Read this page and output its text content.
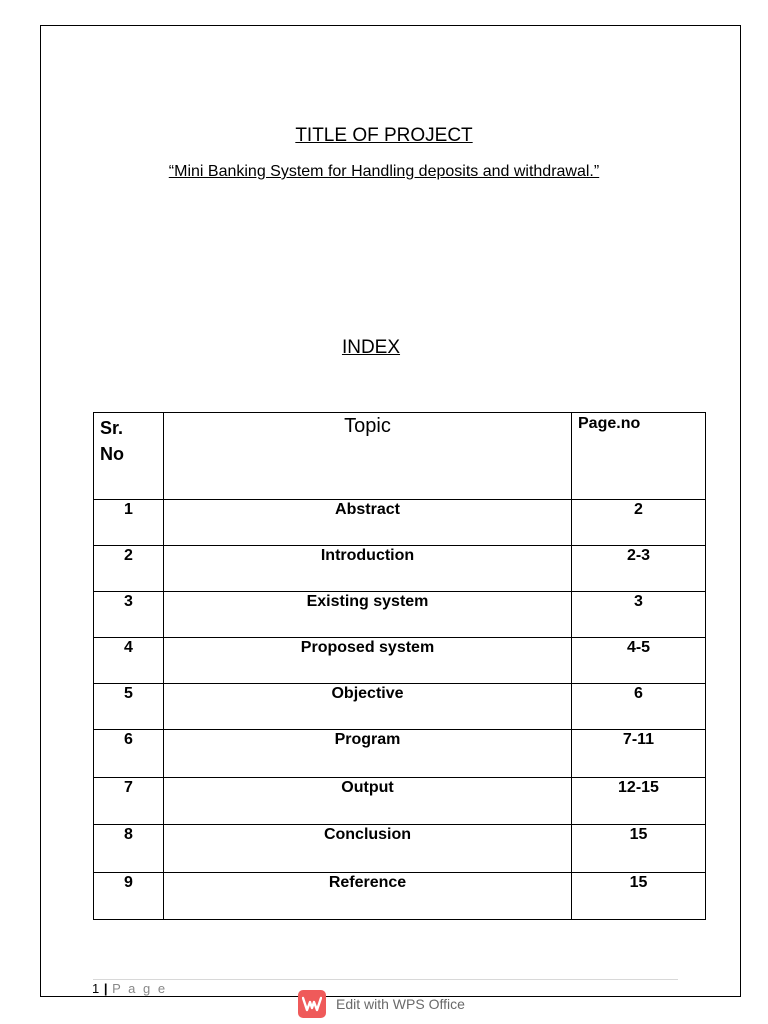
TITLE OF PROJECT
“Mini Banking System for Handling deposits and withdrawal.”
INDEX
Sr. No	Topic	Page.no
1	Abstract	2
2	Introduction	2-3
3	Existing system	3
4	Proposed system	4-5
5	Objective	6
6	Program	7-11
7	Output	12-15
8	Conclusion	15
9	Reference	15
1 | P a g e
Edit with WPS Office
